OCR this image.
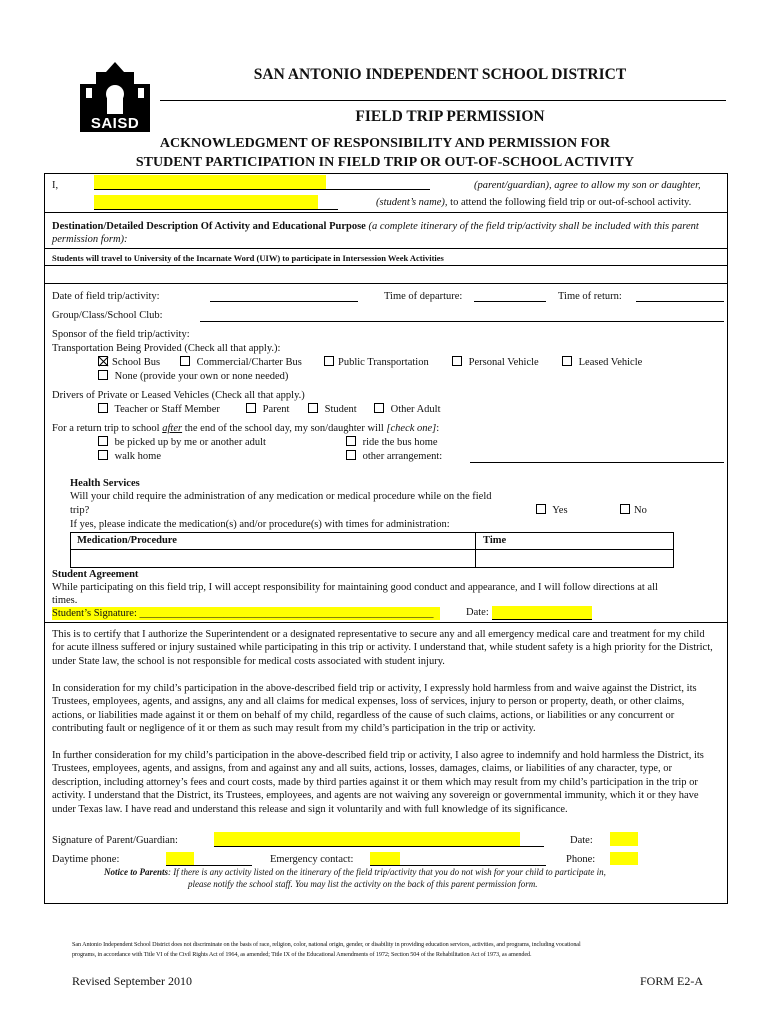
SAISD
SAN ANTONIO INDEPENDENT SCHOOL DISTRICT
FIELD TRIP PERMISSION
ACKNOWLEDGMENT OF RESPONSIBILITY AND PERMISSION FOR
STUDENT PARTICIPATION IN FIELD TRIP OR OUT-OF-SCHOOL ACTIVITY
I,	(parent/guardian), agree to allow my son or daughter,
(student’s name), to attend the following field trip or out-of-school activity.
Destination/Detailed Description Of Activity and Educational Purpose (a complete itinerary of the field trip/activity shall be included with this parent
permission form):
Students will travel to University of the Incarnate Word (UIW) to participate in Intersession Week Activities
Date of field trip/activity:	Time of departure:	Time of return:
Group/Class/School Club:
Sponsor of the field trip/activity:
Transportation Being Provided (Check all that apply.):
School Bus	Commercial/Charter Bus	Public Transportation	Personal Vehicle	Leased Vehicle
None (provide your own or none needed)
Drivers of Private or Leased Vehicles (Check all that apply.)
Teacher or Staff Member	Parent	Student	Other Adult
For a return trip to school after the end of the school day, my son/daughter will [check one]:
be picked up by me or another adult
walk home
ride the bus home
other arrangement:
Health Services
Will your child require the administration of any medication or medical procedure while on the field
trip?	Yes	No
If yes, please indicate the medication(s) and/or procedure(s) with times for administration:
Medication/Procedure	Time
Student Agreement
While participating on this field trip, I will accept responsibility for maintaining good conduct and appearance, and I will follow directions at all
times.
Student’s Signature: ________________________________________________________	Date:
This is to certify that I authorize the Superintendent or a designated representative to secure any and all emergency medical care and treatment for my child for acute illness suffered or injury sustained while participating in this trip or activity. I understand that, while student safety is a high priority for the District, under State law, the school is not responsible for medical costs associated with student injury.
In consideration for my child’s participation in the above-described field trip or activity, I expressly hold harmless from and waive against the District, its Trustees, employees, agents, and assigns, any and all claims for medical expenses, loss of services, injury to person or property, death, or other claims, actions, or liabilities made against it or them on behalf of my child, regardless of the cause of such claims, actions, or liabilities or any concurrent or contributing fault or negligence of it or them as such may result from my child’s participation in the trip or activity.
In further consideration for my child’s participation in the above-described field trip or activity, I also agree to indemnify and hold harmless the District, its Trustees, employees, agents, and assigns, from and against any and all suits, actions, losses, damages, claims, or liabilities of any character, type, or description, including attorney’s fees and court costs, made by third parties against it or them which may result from my child’s participation in the trip or activity. I understand that the District, its Trustees, employees, and agents are not waiving any sovereign or governmental immunity, which it or they have under Texas law. I have read and understand this release and sign it voluntarily and with full knowledge of its significance.
Signature of Parent/Guardian:	Date:
Daytime phone:	Emergency contact:	Phone:
Notice to Parents: If there is any activity listed on the itinerary of the field trip/activity that you do not wish for your child to participate in,
please notify the school staff. You may list the activity on the back of this parent permission form.
San Antonio Independent School District does not discriminate on the basis of race, religion, color, national origin, gender, or disability in providing education services, activities, and programs, including vocational
programs, in accordance with Title VI of the Civil Rights Act of 1964, as amended; Title IX of the Educational Amendments of 1972; Section 504 of the Rehabilitation Act of 1973, as amended.
Revised September 2010	FORM E2-A
